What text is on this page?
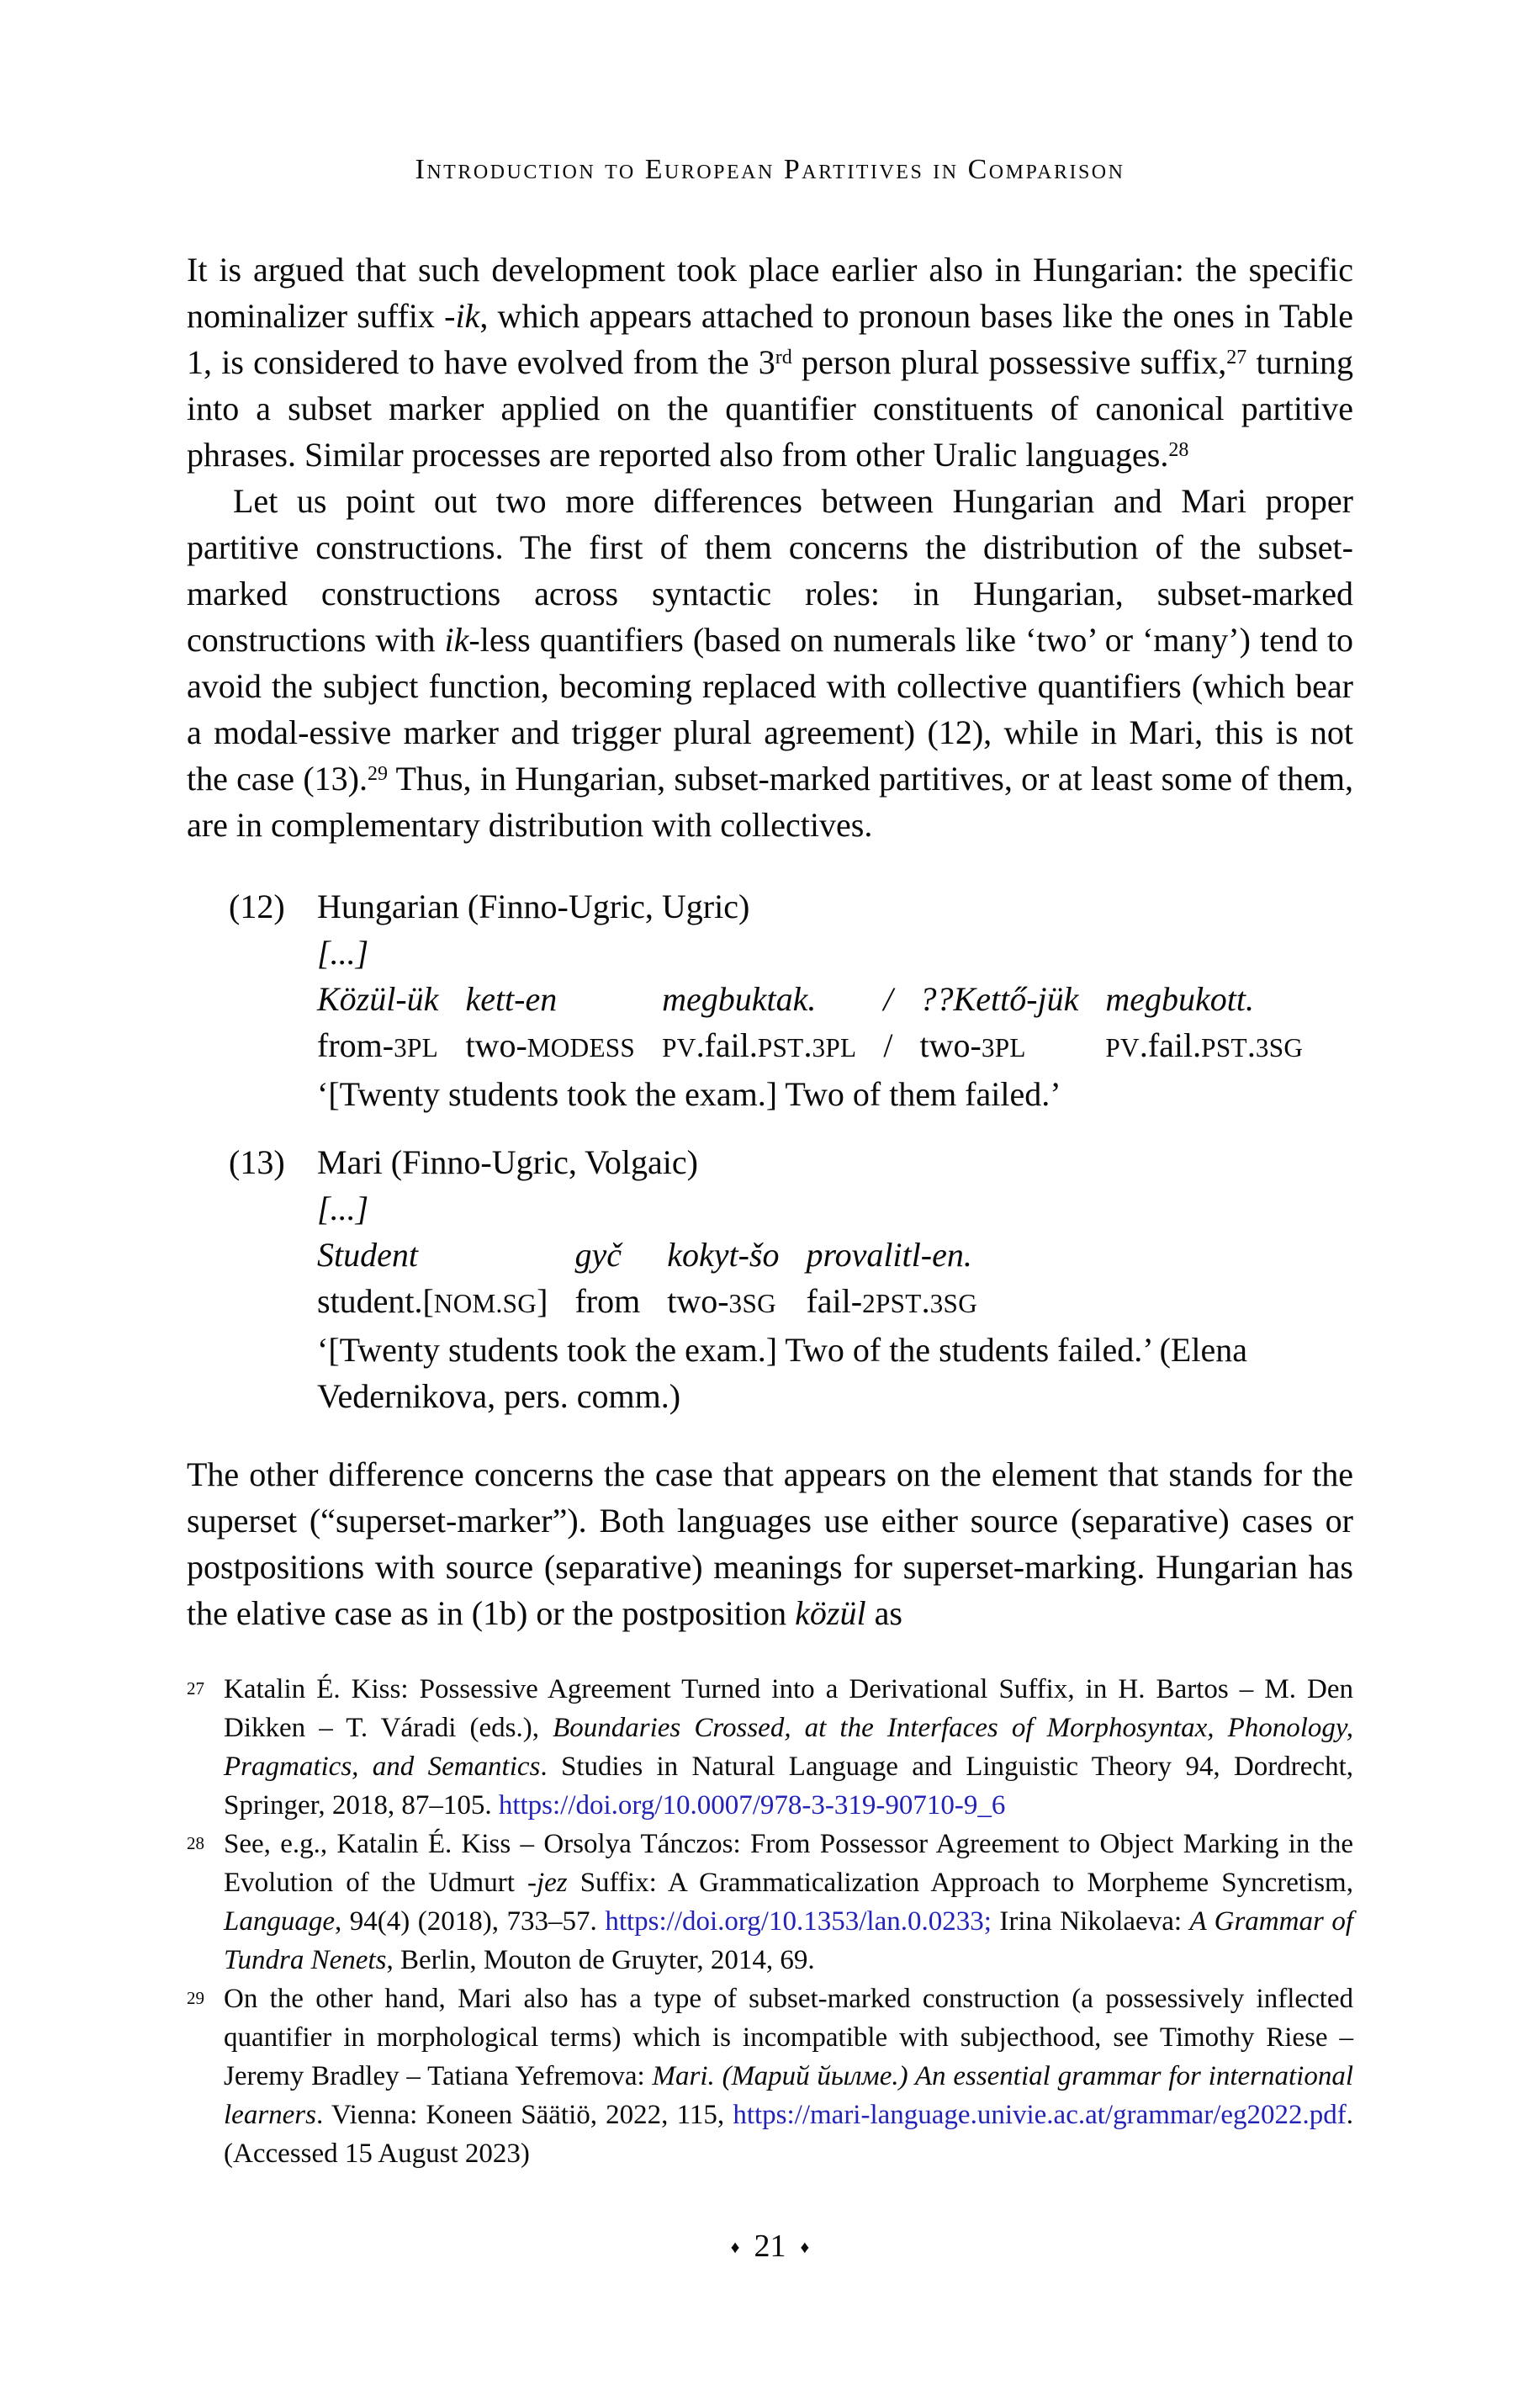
Introduction to European Partitives in Comparison

It is argued that such development took place earlier also in Hungarian: the specific nominalizer suffix -ik, which appears attached to pronoun bases like the ones in Table 1, is considered to have evolved from the 3rd person plural possessive suffix,$^{27}$ turning into a subset marker applied on the quantifier constituents of canonical partitive phrases. Similar processes are reported also from other Uralic languages.$^{28}$

Let us point out two more differences between Hungarian and Mari proper partitive constructions. The first of them concerns the distribution of the subset-marked constructions across syntactic roles: in Hungarian, subset-marked constructions with ik-less quantifiers (based on numerals like ‘two’ or ‘many’) tend to avoid the subject function, becoming replaced with collective quantifiers (which bear a modal-essive marker and trigger plural agreement) (12), while in Mari, this is not the case (13).$^{29}$ Thus, in Hungarian, subset-marked partitives, or at least some of them, are in complementary distribution with collectives.

(12) Hungarian (Finno-Ugric, Ugric)
[...]
Közül-ük
from-3PL
kett-en
two-MODESS
megbuktak.
PV.fail.PST.3PL
/
/
??Kettő-jük
two-3PL
megbukott.
PV.fail.PST.3SG
‘[Twenty students took the exam.] Two of them failed.’
(13) Mari (Finno-Ugric, Volgaic)
[...]
Student
student.[NOM.SG]
gyč
from
kokyt-šo
two-3SG
provalitl-en.
fail-2PST.3SG
‘[Twenty students took the exam.] Two of the students failed.’ (Elena Vedernikova, pers. comm.)

The other difference concerns the case that appears on the element that stands for the superset (“superset-marker”). Both languages use either source (separative) cases or postpositions with source (separative) meanings for superset-marking. Hungarian has the elative case as in (1b) or the postposition közül as

27 Katalin É. Kiss: Possessive Agreement Turned into a Derivational Suffix, in H. Bartos – M. Den Dikken – T. Váradi (eds.), Boundaries Crossed, at the Interfaces of Morphosyntax, Phonology, Pragmatics, and Semantics. Studies in Natural Language and Linguistic Theory 94, Dordrecht, Springer, 2018, 87–105. https://doi.org/10.0007/978-3-319-90710-9_6
28 See, e.g., Katalin É. Kiss – Orsolya Tánczos: From Possessor Agreement to Object Marking in the Evolution of the Udmurt -jez Suffix: A Grammaticalization Approach to Morpheme Syncretism, Language, 94(4) (2018), 733–57. https://doi.org/10.1353/lan.0.0233; Irina Nikolaeva: A Grammar of Tundra Nenets, Berlin, Mouton de Gruyter, 2014, 69.
29 On the other hand, Mari also has a type of subset-marked construction (a possessively inflected quantifier in morphological terms) which is incompatible with subjecthood, see Timothy Riese – Jeremy Bradley – Tatiana Yefremova: Mari. (Марий йылме.) An essential grammar for international learners. Vienna: Koneen Säätiö, 2022, 115, https://mari-language.univie.ac.at/grammar/eg2022.pdf. (Accessed 15 August 2023)
♦ 21 ♦
